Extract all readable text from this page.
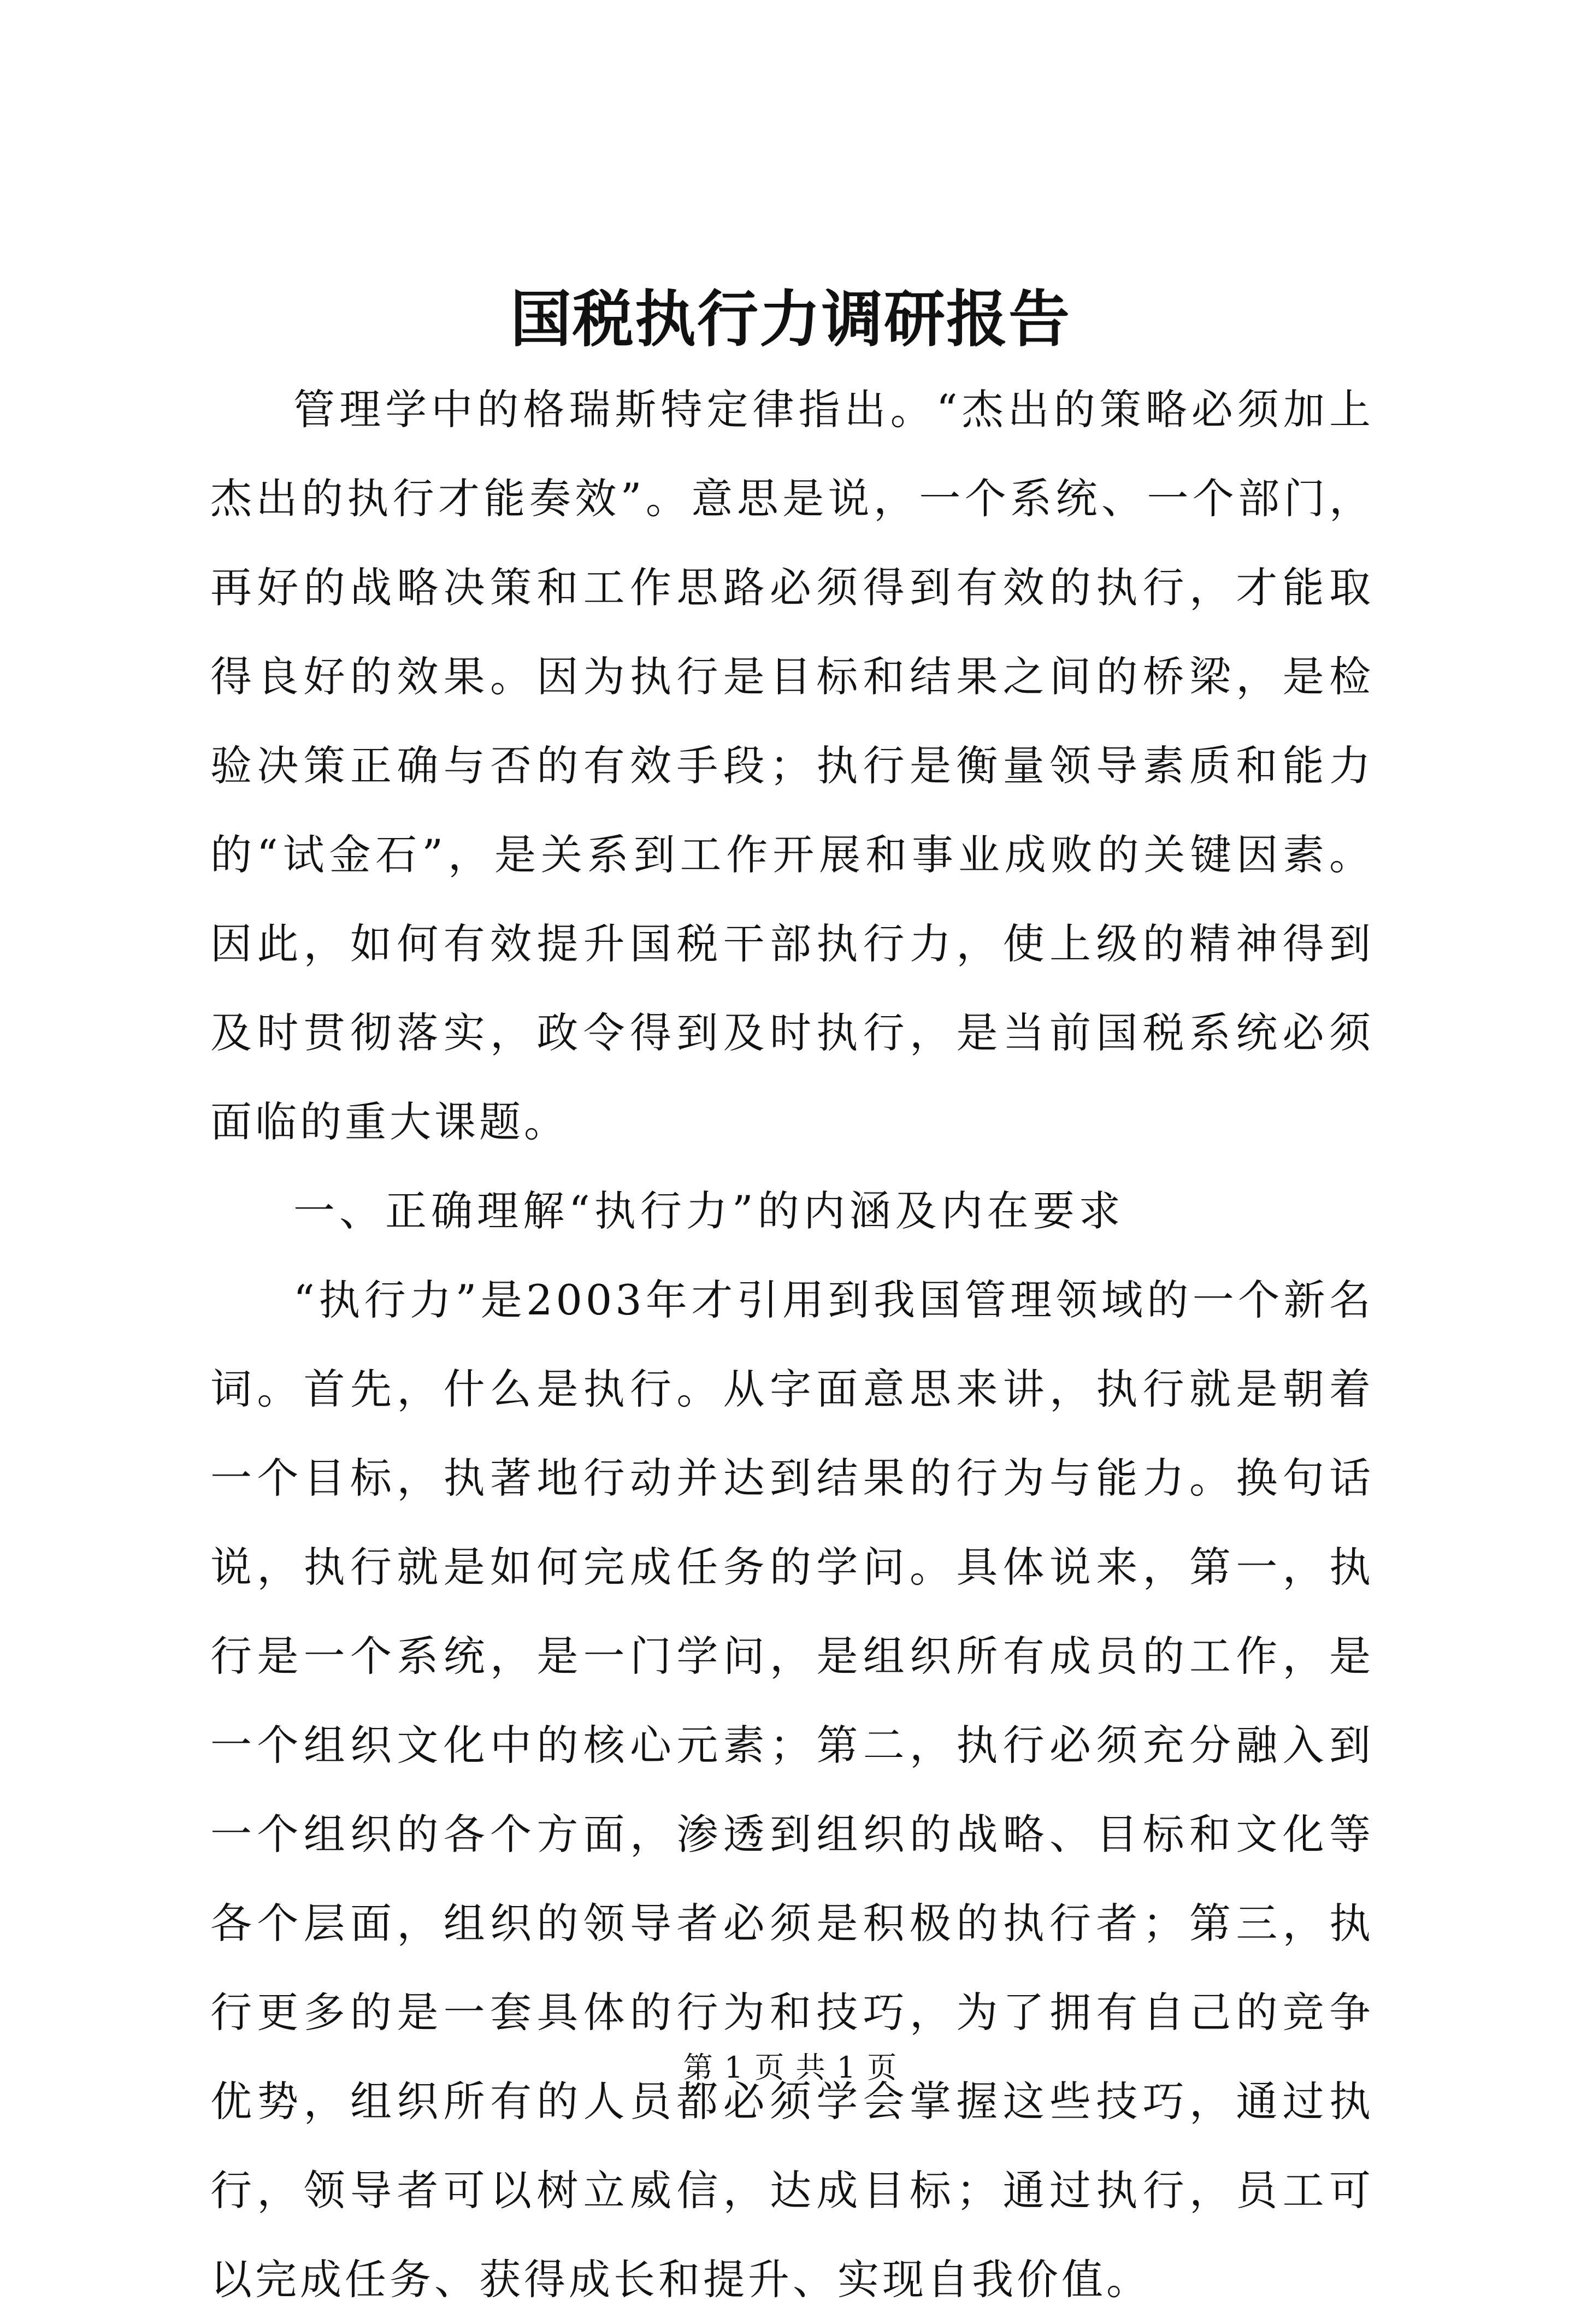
国税执行力调研报告

管理学中的格瑞斯特定律指出。“杰出的策略必须加上杰出的执行才能奏效”。意思是说，一个系统、一个部门，再好的战略决策和工作思路必须得到有效的执行，才能取得良好的效果。因为执行是目标和结果之间的桥梁，是检验决策正确与否的有效手段；执行是衡量领导素质和能力的“试金石”，是关系到工作开展和事业成败的关键因素。因此，如何有效提升国税干部执行力，使上级的精神得到及时贯彻落实，政令得到及时执行，是当前国税系统必须面临的重大课题。

一、正确理解“执行力”的内涵及内在要求

“执行力”是2003年才引用到我国管理领域的一个新名词。首先，什么是执行。从字面意思来讲，执行就是朝着一个目标，执著地行动并达到结果的行为与能力。换句话说，执行就是如何完成任务的学问。具体说来，第一，执行是一个系统，是一门学问，是组织所有成员的工作，是一个组织文化中的核心元素；第二，执行必须充分融入到一个组织的各个方面，渗透到组织的战略、目标和文化等各个层面，组织的领导者必须是积极的执行者；第三，执行更多的是一套具体的行为和技巧，为了拥有自己的竞争优势，组织所有的人员都必须学会掌握这些技巧，通过执行，领导者可以树立威信，达成目标；通过执行，员工可以完成任务、获得成长和提升、实现自我价值。

第 1 页 共 1 页
